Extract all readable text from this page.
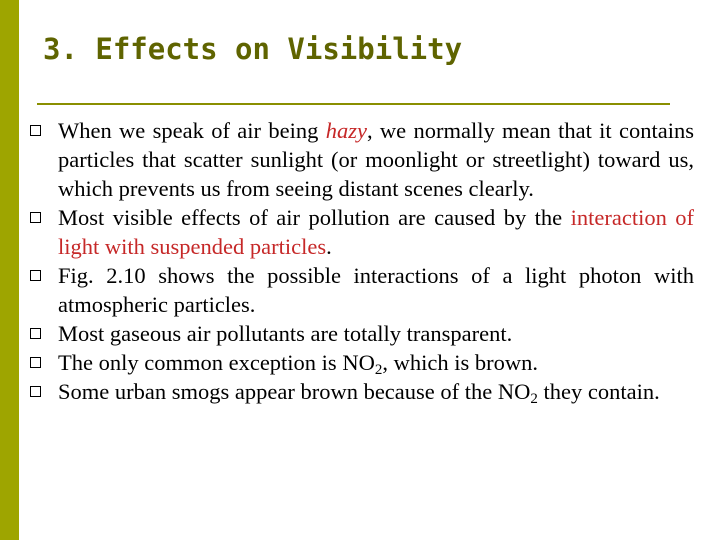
3. Effects on Visibility
When we speak of air being hazy, we normally mean that it contains particles that scatter sunlight (or moonlight or streetlight) toward us, which prevents us from seeing distant scenes clearly.
Most visible effects of air pollution are caused by the interaction of light with suspended particles.
Fig. 2.10 shows the possible interactions of a light photon with atmospheric particles.
Most gaseous air pollutants are totally transparent.
The only common exception is $NO_2$, which is brown.
Some urban smogs appear brown because of the $NO_2$ they contain.
